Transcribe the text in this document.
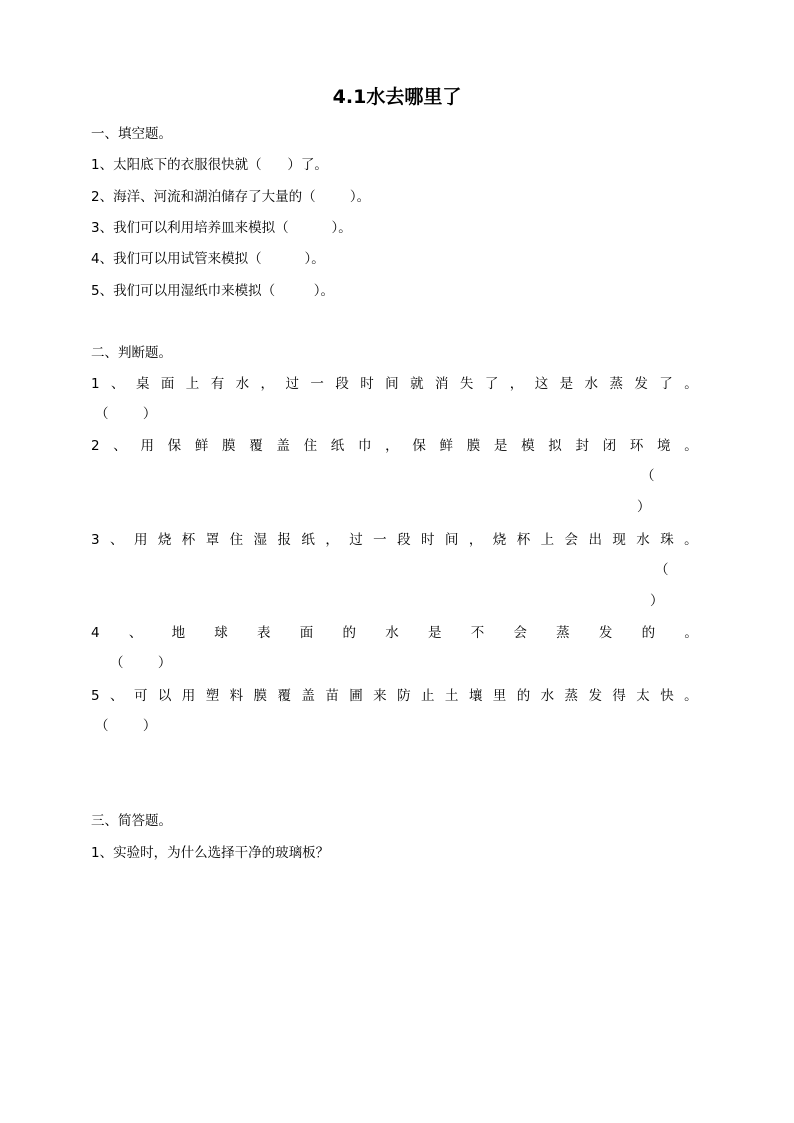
4.1水去哪里了
一、填空题。
1、太阳底下的衣服很快就（      ）了。
2、海洋、河流和湖泊储存了大量的（        ）。
3、我们可以利用培养皿来模拟（          ）。
4、我们可以用试管来模拟（          ）。
5、我们可以用湿纸巾来模拟（         ）。
二、判断题。
1 、 桌 面 上 有 水 ， 过 一 段 时 间 就 消 失 了 ， 这 是 水 蒸 发 了 。
（        ）
2 、 用 保 鲜 膜 覆 盖 住 纸 巾 ， 保 鲜 膜 是 模 拟 封 闭 环 境 。
（
）
3 、 用 烧 杯 罩 住 湿 报 纸 ， 过 一 段 时 间 ， 烧 杯 上 会 出 现 水 珠 。
（
）
4 、 地 球 表 面 的 水 是 不 会 蒸 发 的 。
（        ）
5 、 可 以 用 塑 料 膜 覆 盖 苗 圃 来 防 止 土 壤 里 的 水 蒸 发 得 太 快 。
（        ）
三、简答题。
1、实验时，为什么选择干净的玻璃板？
